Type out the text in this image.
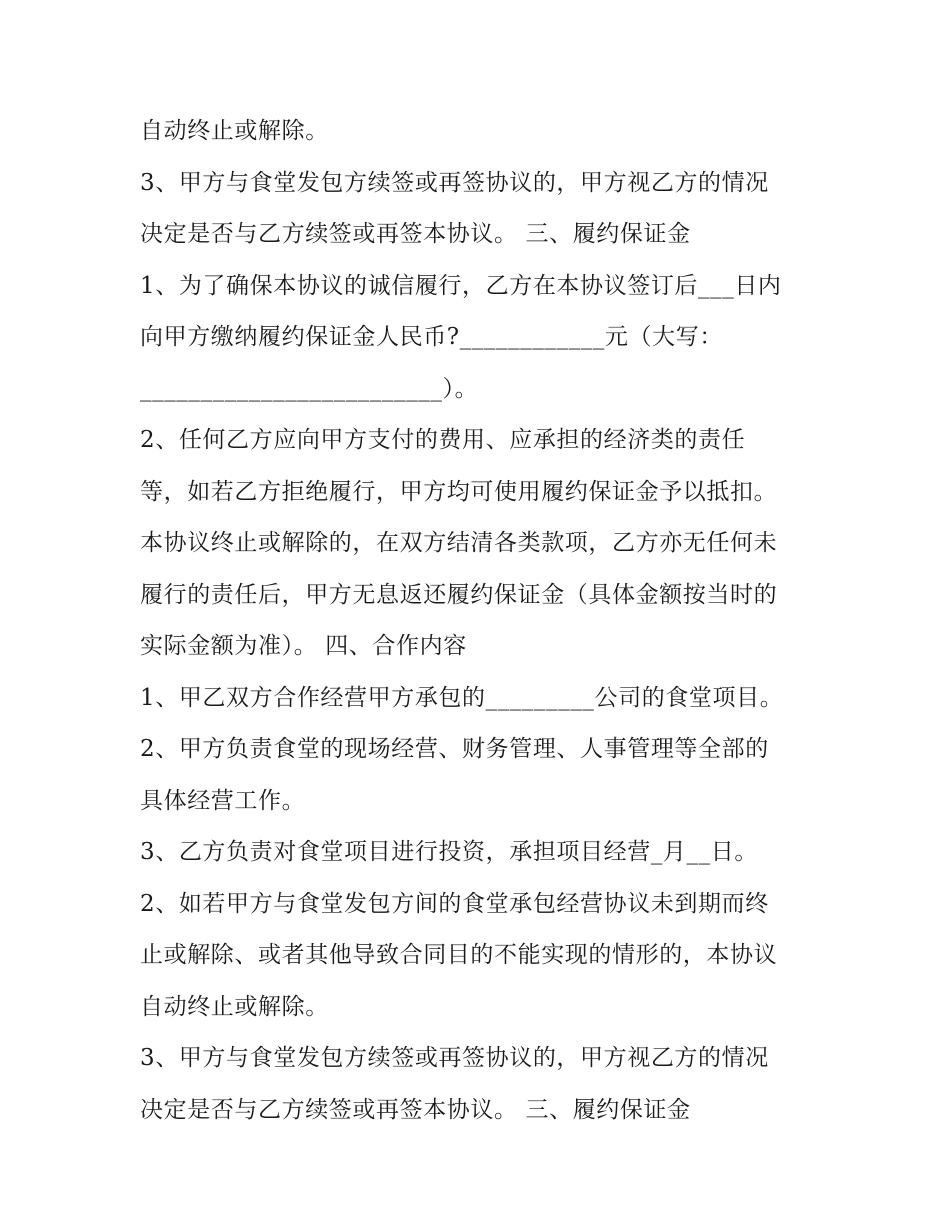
自动终止或解除。
3、甲方与食堂发包方续签或再签协议的，甲方视乙方的情况
决定是否与乙方续签或再签本协议。 三、履约保证金
1、为了确保本协议的诚信履行，乙方在本协议签订后___日内
向甲方缴纳履约保证金人民币?____________元（大写：
_________________________）。
2、任何乙方应向甲方支付的费用、应承担的经济类的责任
等，如若乙方拒绝履行，甲方均可使用履约保证金予以抵扣。
本协议终止或解除的，在双方结清各类款项，乙方亦无任何未
履行的责任后，甲方无息返还履约保证金（具体金额按当时的
实际金额为准）。 四、合作内容
1、甲乙双方合作经营甲方承包的_________公司的食堂项目。
2、甲方负责食堂的现场经营、财务管理、人事管理等全部的
具体经营工作。
3、乙方负责对食堂项目进行投资，承担项目经营_月__日。
2、如若甲方与食堂发包方间的食堂承包经营协议未到期而终
止或解除、或者其他导致合同目的不能实现的情形的，本协议
自动终止或解除。
3、甲方与食堂发包方续签或再签协议的，甲方视乙方的情况
决定是否与乙方续签或再签本协议。 三、履约保证金
